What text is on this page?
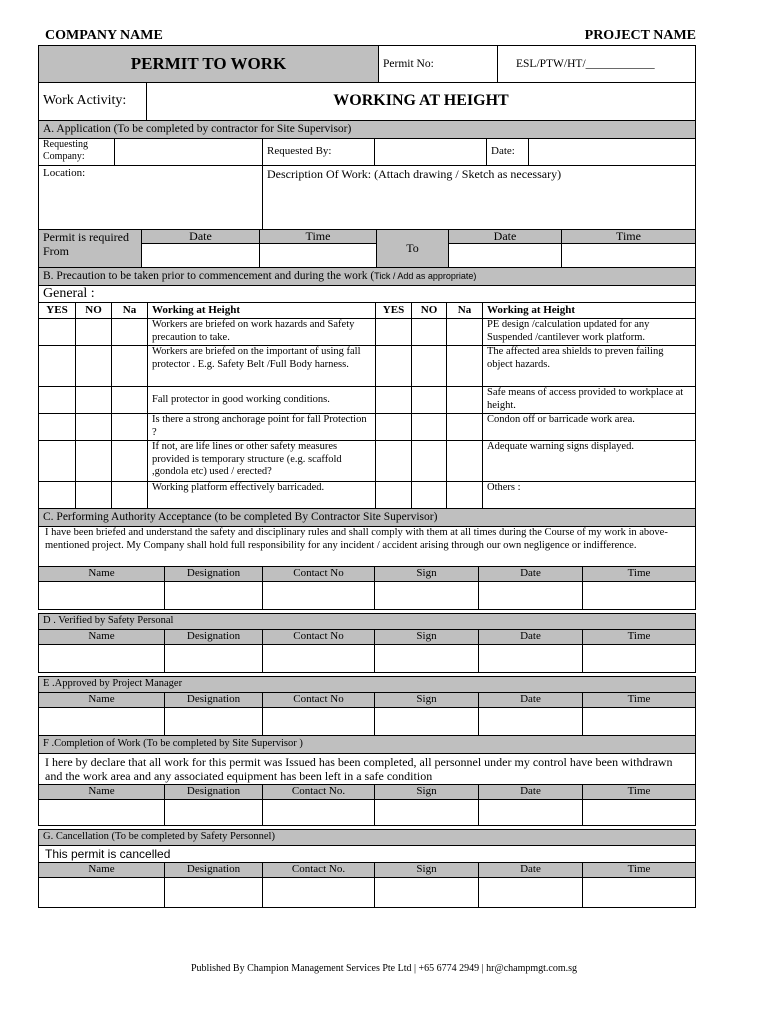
COMPANY NAME	PROJECT NAME
PERMIT TO WORK	Permit No:	ESL/PTW/HT/____________
Work Activity:	WORKING AT HEIGHT
A. Application (To be completed by contractor for Site Supervisor)					
Requesting Company:		Requested By:		Date:	
Location:		Description Of Work: (Attach drawing / Sketch as necessary)			
Permit is required From	Date	Time	To	Date	Time

B. Precaution to be taken prior to commencement and during the work (Tick / Add as appropriate)							
General :							
YES	NO	Na	Working at Height	YES	NO	Na	Working at Height
			Workers are briefed on work hazards and Safety precaution to take.				PE design /calculation updated for any Suspended /cantilever work platform.
			Workers are briefed on the important of using fall protector . E.g. Safety Belt /Full Body harness.				The affected area shields to preven failing object hazards.
			Fall protector in good working conditions.				Safe means of access provided to workplace at height.
			Is there a strong anchorage point for fall Protection ?				Condon off or barricade work area.
			If not, are life lines or other safety measures provided is temporary structure (e.g. scaffold ,gondola etc) used / erected?				Adequate warning signs displayed.
			Working platform effectively barricaded.				Others :
C. Performing Authority Acceptance (to be completed By Contractor Site Supervisor)					
I have been briefed and understand the safety and disciplinary rules and shall comply with them at all times during the Course of my work in above-mentioned project. My Company shall hold full responsibility for any incident / accident arising through our own negligence or indifference.					
Name	Designation	Contact No	Sign	Date	Time

D . Verified by Safety Personal					
Name	Designation	Contact No	Sign	Date	Time

E .Approved by Project Manager					
Name	Designation	Contact No	Sign	Date	Time

F .Completion of Work (To be completed by Site Supervisor )					
I here by declare that all work for this permit was Issued has been completed, all personnel under my control have been withdrawn and the work area and any associated equipment has been left in a safe condition					
Name	Designation	Contact No.	Sign	Date	Time

G. Cancellation (To be completed by Safety Personnel)					
This permit is cancelled					
Name	Designation	Contact No.	Sign	Date	Time

Published By Champion Management Services Pte Ltd | +65 6774 2949 | hr@champmgt.com.sg
